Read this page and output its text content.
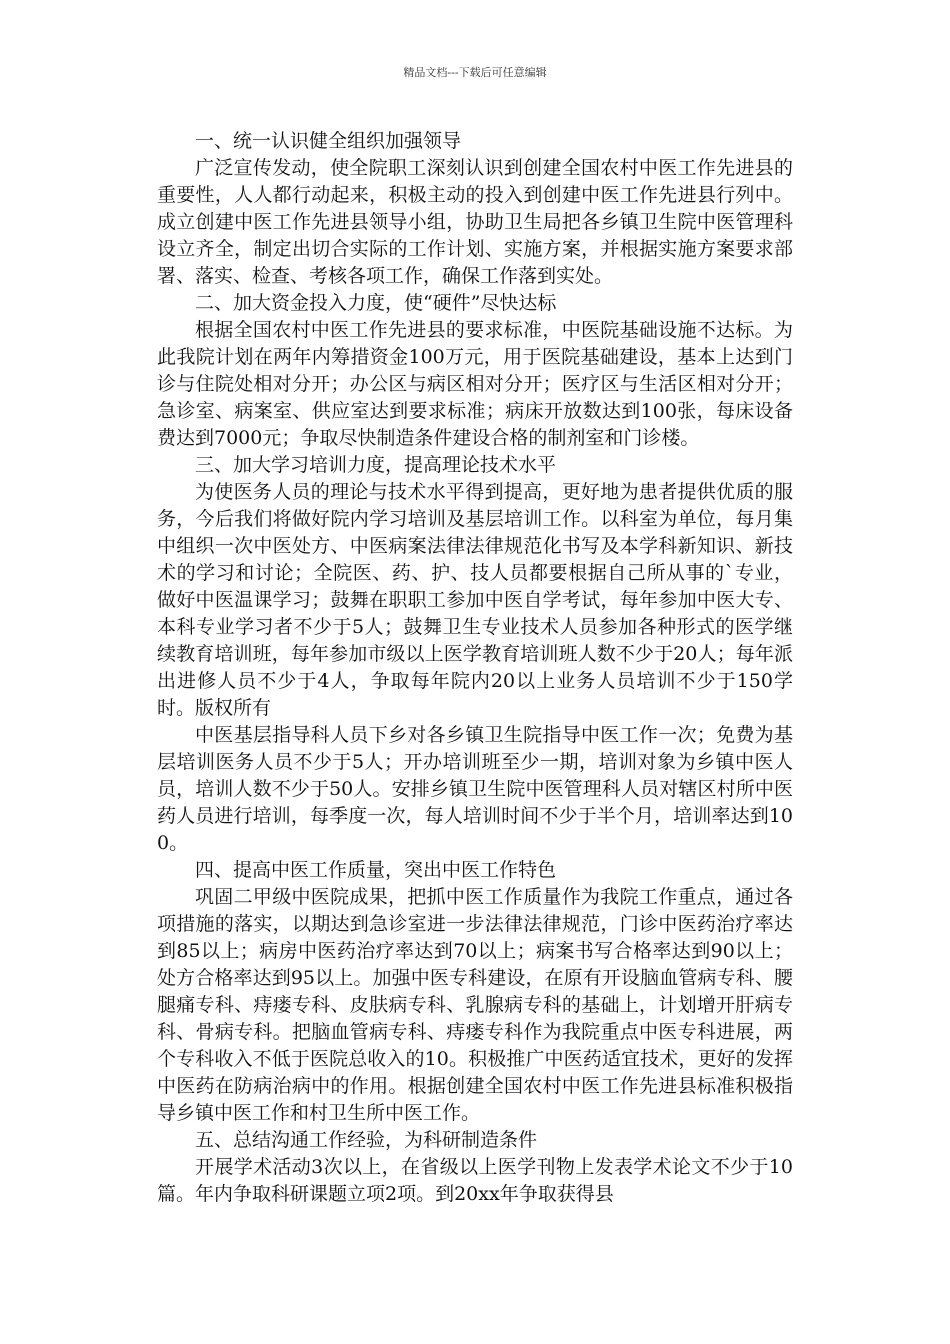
精品文档---下载后可任意编辑

一、统一认识健全组织加强领导

广泛宣传发动，使全院职工深刻认识到创建全国农村中医工作先进县的重要性，人人都行动起来，积极主动的投入到创建中医工作先进县行列中。成立创建中医工作先进县领导小组，协助卫生局把各乡镇卫生院中医管理科设立齐全，制定出切合实际的工作计划、实施方案，并根据实施方案要求部署、落实、检查、考核各项工作，确保工作落到实处。

二、加大资金投入力度，使“硬件”尽快达标

根据全国农村中医工作先进县的要求标准，中医院基础设施不达标。为此我院计划在两年内筹措资金100万元，用于医院基础建设，基本上达到门诊与住院处相对分开；办公区与病区相对分开；医疗区与生活区相对分开；急诊室、病案室、供应室达到要求标准；病床开放数达到100张，每床设备费达到7000元；争取尽快制造条件建设合格的制剂室和门诊楼。

三、加大学习培训力度，提高理论技术水平

为使医务人员的理论与技术水平得到提高，更好地为患者提供优质的服务，今后我们将做好院内学习培训及基层培训工作。以科室为单位，每月集中组织一次中医处方、中医病案法律法律规范化书写及本学科新知识、新技术的学习和讨论；全院医、药、护、技人员都要根据自己所从事的`专业，做好中医温课学习；鼓舞在职职工参加中医自学考试，每年参加中医大专、本科专业学习者不少于5人；鼓舞卫生专业技术人员参加各种形式的医学继续教育培训班，每年参加市级以上医学教育培训班人数不少于20人；每年派出进修人员不少于4人，争取每年院内20以上业务人员培训不少于150学时。版权所有

中医基层指导科人员下乡对各乡镇卫生院指导中医工作一次；免费为基层培训医务人员不少于5人；开办培训班至少一期，培训对象为乡镇中医人员，培训人数不少于50人。安排乡镇卫生院中医管理科人员对辖区村所中医药人员进行培训，每季度一次，每人培训时间不少于半个月，培训率达到100。

四、提高中医工作质量，突出中医工作特色

巩固二甲级中医院成果，把抓中医工作质量作为我院工作重点，通过各项措施的落实，以期达到急诊室进一步法律法律规范，门诊中医药治疗率达到85以上；病房中医药治疗率达到70以上；病案书写合格率达到90以上；处方合格率达到95以上。加强中医专科建设，在原有开设脑血管病专科、腰腿痛专科、痔瘘专科、皮肤病专科、乳腺病专科的基础上，计划增开肝病专科、骨病专科。把脑血管病专科、痔瘘专科作为我院重点中医专科进展，两个专科收入不低于医院总收入的10。积极推广中医药适宜技术，更好的发挥中医药在防病治病中的作用。根据创建全国农村中医工作先进县标准积极指导乡镇中医工作和村卫生所中医工作。

五、总结沟通工作经验，为科研制造条件

开展学术活动3次以上，在省级以上医学刊物上发表学术论文不少于10篇。年内争取科研课题立项2项。到20xx年争取获得县
